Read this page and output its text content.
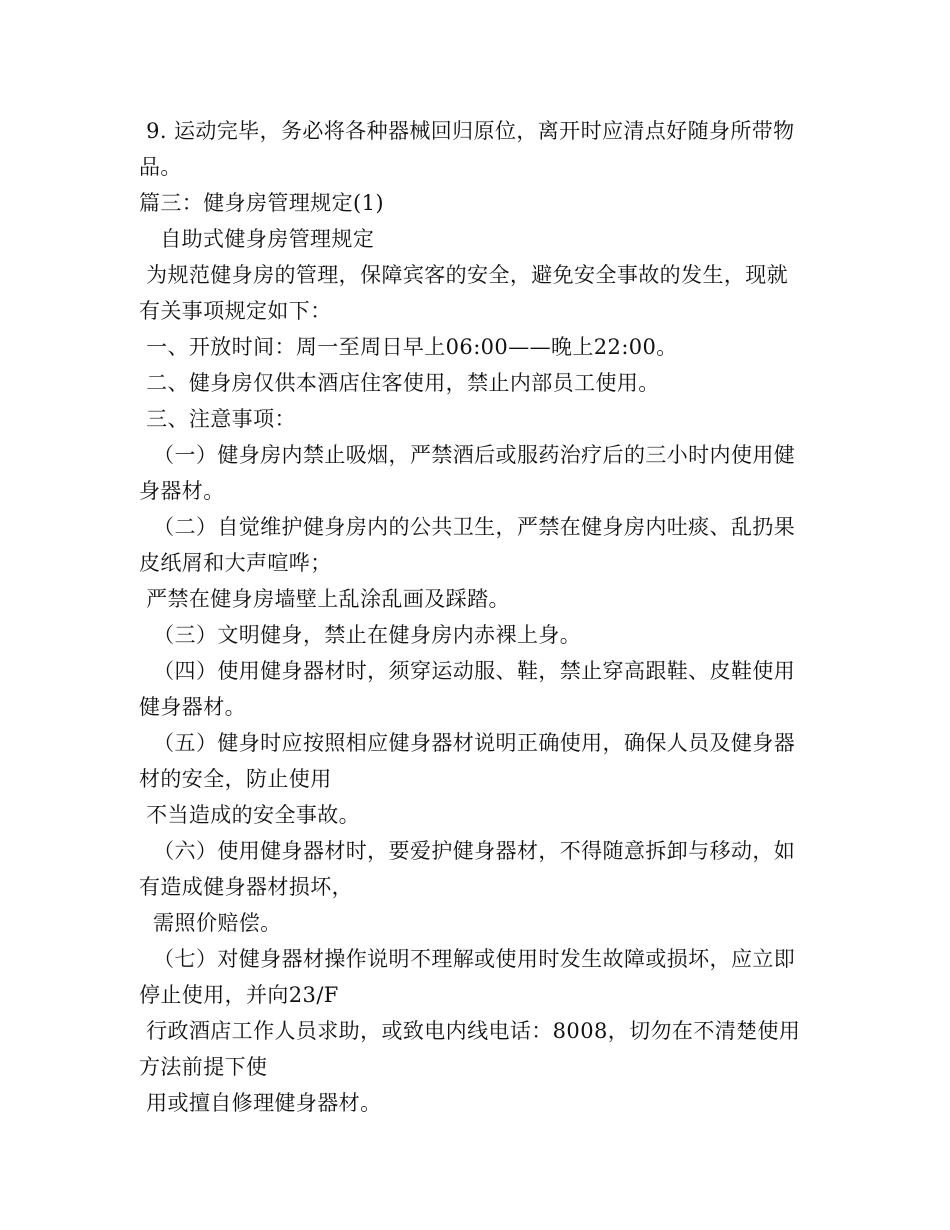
9. 运动完毕，务必将各种器械回归原位，离开时应清点好随身所带物
品。
篇三：健身房管理规定(1)
自助式健身房管理规定
为规范健身房的管理，保障宾客的安全，避免安全事故的发生，现就
有关事项规定如下：
一、开放时间：周一至周日早上06:00——晚上22:00。
二、健身房仅供本酒店住客使用，禁止内部员工使用。
三、注意事项：
（一）健身房内禁止吸烟，严禁酒后或服药治疗后的三小时内使用健
身器材。
（二）自觉维护健身房内的公共卫生，严禁在健身房内吐痰、乱扔果
皮纸屑和大声喧哗；
严禁在健身房墙壁上乱涂乱画及踩踏。
（三）文明健身，禁止在健身房内赤裸上身。
（四）使用健身器材时，须穿运动服、鞋，禁止穿高跟鞋、皮鞋使用
健身器材。
（五）健身时应按照相应健身器材说明正确使用，确保人员及健身器
材的安全，防止使用
不当造成的安全事故。
（六）使用健身器材时，要爱护健身器材，不得随意拆卸与移动，如
有造成健身器材损坏，
需照价赔偿。
（七）对健身器材操作说明不理解或使用时发生故障或损坏，应立即
停止使用，并向23/F
行政酒店工作人员求助，或致电内线电话：8008，切勿在不清楚使用
方法前提下使
用或擅自修理健身器材。
